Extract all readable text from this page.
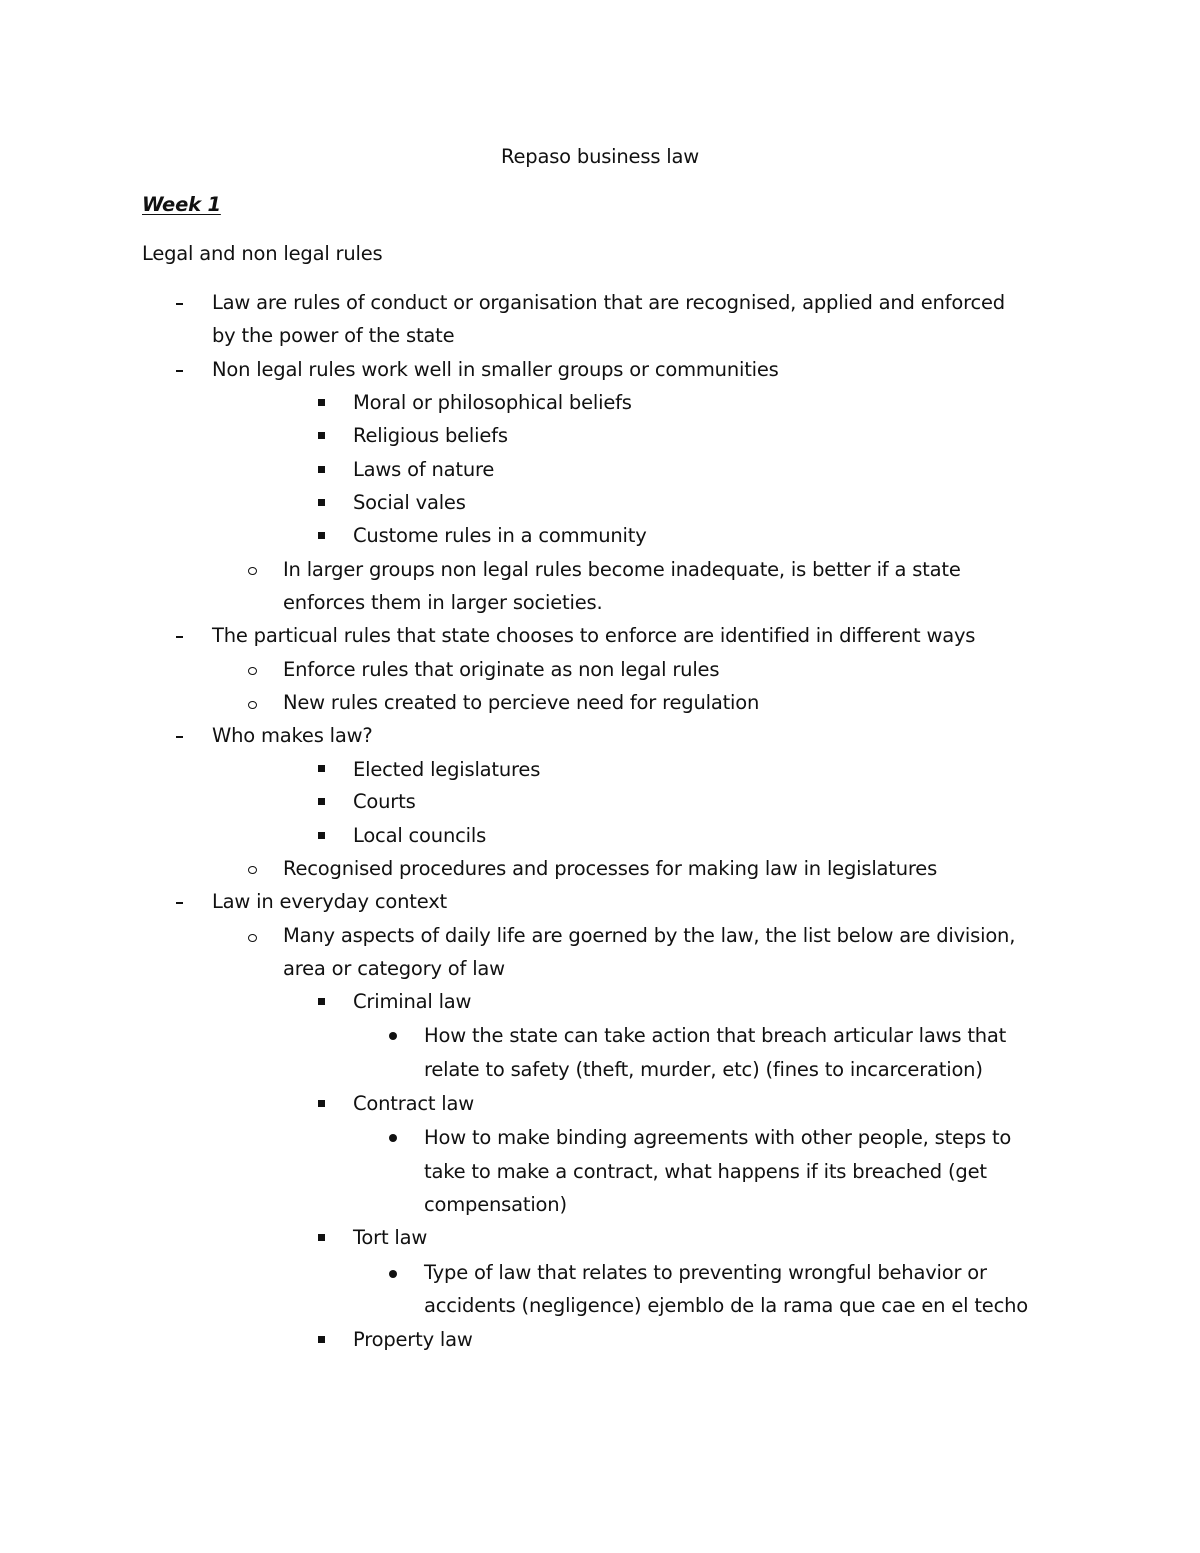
Repaso business law
Week 1
Legal and non legal rules
Law are rules of conduct or organisation that are recognised, applied and enforced
by the power of the state
Non legal rules work well in smaller groups or communities
Moral or philosophical beliefs
Religious beliefs
Laws of nature
Social vales
Custome rules in a community
In larger groups non legal rules become inadequate, is better if a state
enforces them in larger societies.
The particual rules that state chooses to enforce are identified in different ways
Enforce rules that originate as non legal rules
New rules created to percieve need for regulation
Who makes law?
Elected legislatures
Courts
Local councils
Recognised procedures and processes for making law in legislatures
Law in everyday context
Many aspects of daily life are goerned by the law, the list below are division,
area or category of law
Criminal law
How the state can take action that breach articular laws that
relate to safety (theft, murder, etc) (fines to incarceration)
Contract law
How to make binding agreements with other people, steps to
take to make a contract, what happens if its breached (get
compensation)
Tort law
Type of law that relates to preventing wrongful behavior or
accidents (negligence) ejemblo de la rama que cae en el techo
Property law
